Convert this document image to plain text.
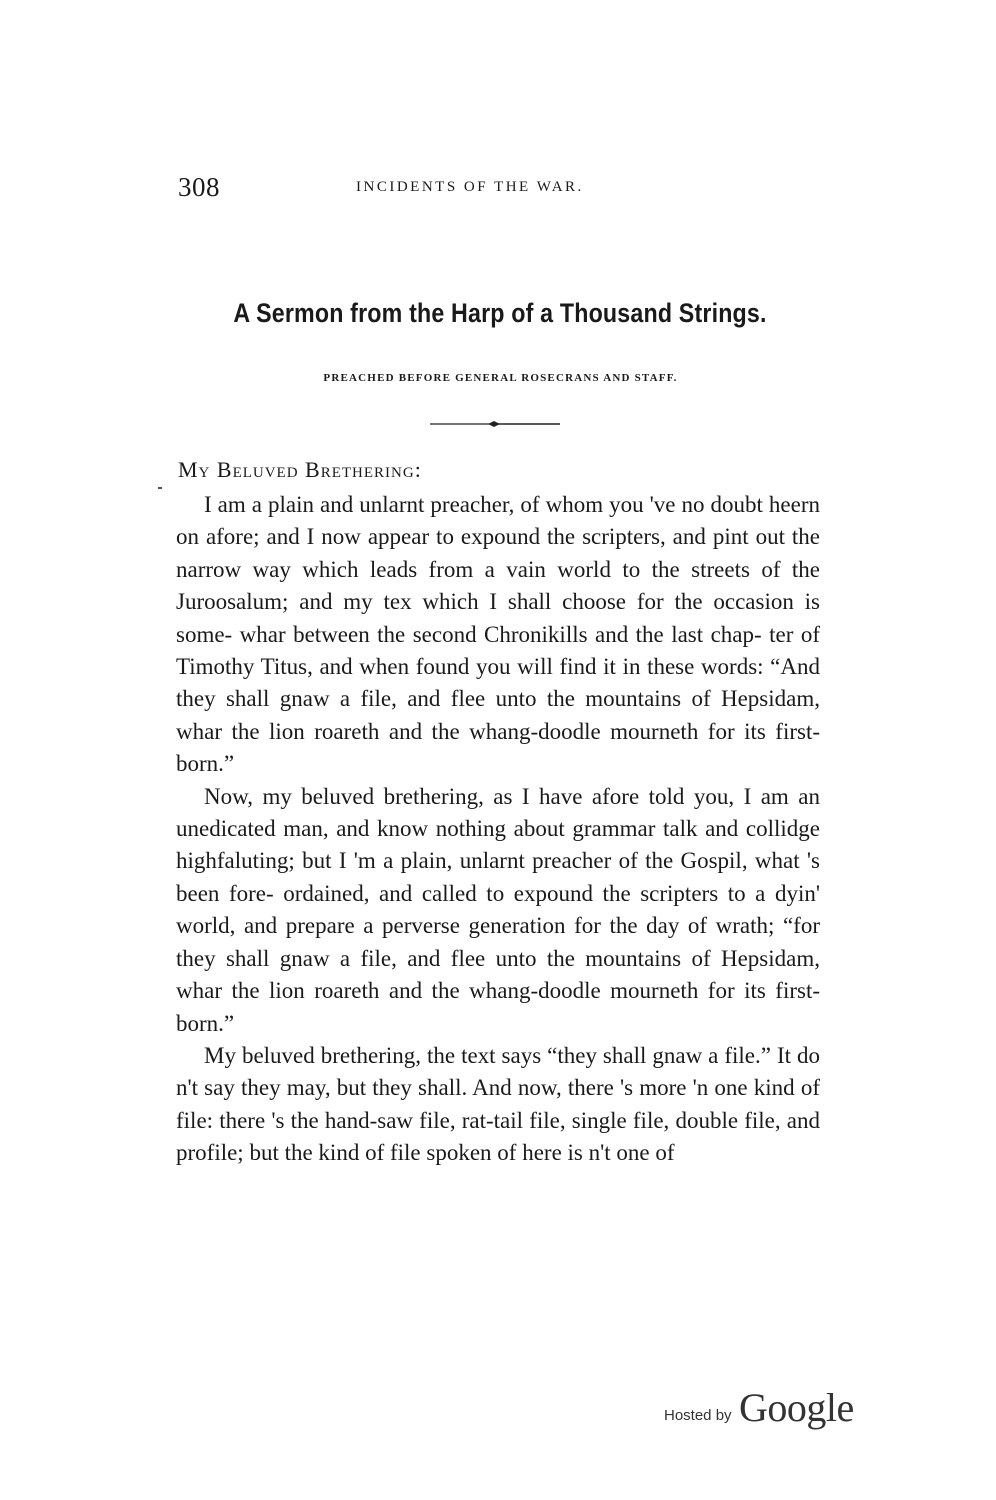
308	INCIDENTS OF THE WAR.
A Sermon from the Harp of a Thousand Strings.
PREACHED BEFORE GENERAL ROSECRANS AND STAFF.
My Beluved Brethering:

I am a plain and unlarnt preacher, of whom you 've no doubt heern on afore; and I now appear to expound the scripters, and pint out the narrow way which leads from a vain world to the streets of the Juroosalum; and my tex which I shall choose for the occasion is some- whar between the second Chronikills and the last chap- ter of Timothy Titus, and when found you will find it in these words: “And they shall gnaw a file, and flee unto the mountains of Hepsidam, whar the lion roareth and the whang-doodle mourneth for its first-born.”

Now, my beluved brethering, as I have afore told you, I am an unedicated man, and know nothing about grammar talk and collidge highfaluting; but I 'm a plain, unlarnt preacher of the Gospil, what 's been fore- ordained, and called to expound the scripters to a dyin' world, and prepare a perverse generation for the day of wrath; “for they shall gnaw a file, and flee unto the mountains of Hepsidam, whar the lion roareth and the whang-doodle mourneth for its first-born.”

My beluved brethering, the text says “they shall gnaw a file.” It do n't say they may, but they shall. And now, there 's more 'n one kind of file: there 's the hand-saw file, rat-tail file, single file, double file, and profile; but the kind of file spoken of here is n't one of

Hosted by Google
